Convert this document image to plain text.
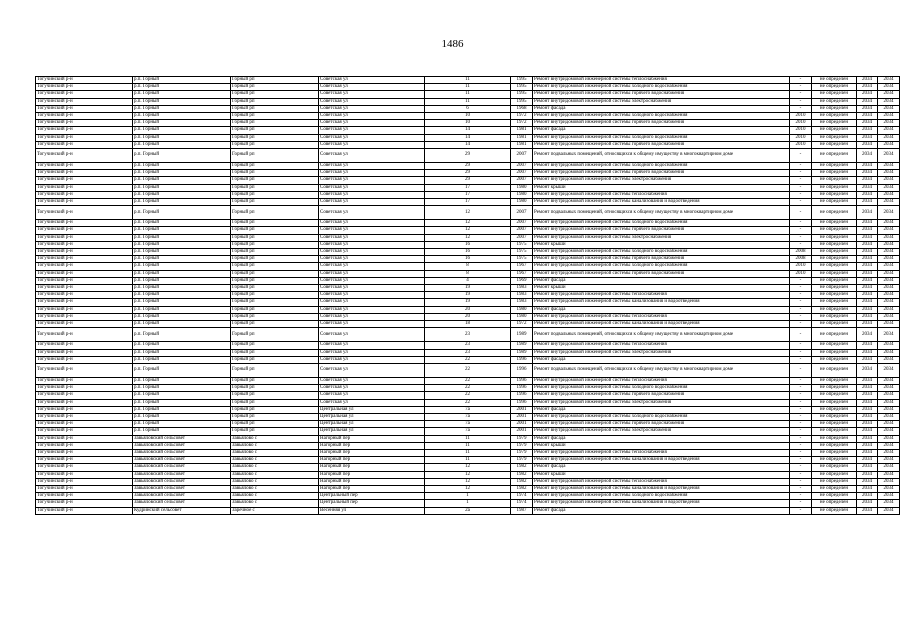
1486
Тогучинский р-н	р.п. Горный	Горный рп	Советская ул	11	1995	Ремонт внутридомовой инженерной системы теплоснабжения	-	не определен	2034	2034
Тогучинский р-н	р.п. Горный	Горный рп	Советская ул	11	1995	Ремонт внутридомовой инженерной системы холодного водоснабжения	-	не определен	2034	2034
Тогучинский р-н	р.п. Горный	Горный рп	Советская ул	11	1995	Ремонт внутридомовой инженерной системы горячего водоснабжения	-	не определен	2034	2034
Тогучинский р-н	р.п. Горный	Горный рп	Советская ул	11	1995	Ремонт внутридомовой инженерной системы электроснабжения	-	не определен	2034	2034
Тогучинский р-н	р.п. Горный	Горный рп	Советская ул	6	1968	Ремонт фасада	-	не определен	2034	2034
Тогучинский р-н	р.п. Горный	Горный рп	Советская ул	10	1972	Ремонт внутридомовой инженерной системы холодного водоснабжения	2010	не определен	2034	2034
Тогучинский р-н	р.п. Горный	Горный рп	Советская ул	10	1972	Ремонт внутридомовой инженерной системы горячего водоснабжения	2010	не определен	2034	2034
Тогучинский р-н	р.п. Горный	Горный рп	Советская ул	14	1981	Ремонт фасада	2010	не определен	2034	2034
Тогучинский р-н	р.п. Горный	Горный рп	Советская ул	14	1981	Ремонт внутридомовой инженерной системы холодного водоснабжения	2010	не определен	2034	2034
Тогучинский р-н	р.п. Горный	Горный рп	Советская ул	14	1981	Ремонт внутридомовой инженерной системы горячего водоснабжения	2010	не определен	2034	2034
Тогучинский р-н	р.п. Горный	Горный рп	Советская ул	29	2007	Ремонт подвальных помещений, относящихся к общему имуществу в многоквартирном доме	-	не определен	2034	2034
Тогучинский р-н	р.п. Горный	Горный рп	Советская ул	29	2007	Ремонт внутридомовой инженерной системы холодного водоснабжения	-	не определен	2034	2034
Тогучинский р-н	р.п. Горный	Горный рп	Советская ул	29	2007	Ремонт внутридомовой инженерной системы горячего водоснабжения	-	не определен	2034	2034
Тогучинский р-н	р.п. Горный	Горный рп	Советская ул	29	2007	Ремонт внутридомовой инженерной системы электроснабжения	-	не определен	2034	2034
Тогучинский р-н	р.п. Горный	Горный рп	Советская ул	17	1980	Ремонт крыши	-	не определен	2034	2034
Тогучинский р-н	р.п. Горный	Горный рп	Советская ул	17	1980	Ремонт внутридомовой инженерной системы теплоснабжения	-	не определен	2034	2034
Тогучинский р-н	р.п. Горный	Горный рп	Советская ул	17	1980	Ремонт внутридомовой инженерной системы канализования и водоотведения	-	не определен	2034	2034
Тогучинский р-н	р.п. Горный	Горный рп	Советская ул	12	2007	Ремонт подвальных помещений, относящихся к общему имуществу в многоквартирном доме	-	не определен	2034	2034
Тогучинский р-н	р.п. Горный	Горный рп	Советская ул	12	2007	Ремонт внутридомовой инженерной системы холодного водоснабжения	-	не определен	2034	2034
Тогучинский р-н	р.п. Горный	Горный рп	Советская ул	12	2007	Ремонт внутридомовой инженерной системы горячего водоснабжения	-	не определен	2034	2034
Тогучинский р-н	р.п. Горный	Горный рп	Советская ул	12	2007	Ремонт внутридомовой инженерной системы электроснабжения	-	не определен	2034	2034
Тогучинский р-н	р.п. Горный	Горный рп	Советская ул	16	1975	Ремонт крыши	-	не определен	2034	2034
Тогучинский р-н	р.п. Горный	Горный рп	Советская ул	16	1975	Ремонт внутридомовой инженерной системы холодного водоснабжения	2008	не определен	2034	2034
Тогучинский р-н	р.п. Горный	Горный рп	Советская ул	16	1975	Ремонт внутридомовой инженерной системы горячего водоснабжения	2008	не определен	2034	2034
Тогучинский р-н	р.п. Горный	Горный рп	Советская ул	8	1967	Ремонт внутридомовой инженерной системы холодного водоснабжения	2010	не определен	2034	2034
Тогучинский р-н	р.п. Горный	Горный рп	Советская ул	8	1967	Ремонт внутридомовой инженерной системы горячего водоснабжения	2010	не определен	2034	2034
Тогучинский р-н	р.п. Горный	Горный рп	Советская ул	4	1969	Ремонт фасада	-	не определен	2034	2034
Тогучинский р-н	р.п. Горный	Горный рп	Советская ул	19	1983	Ремонт крыши	-	не определен	2034	2034
Тогучинский р-н	р.п. Горный	Горный рп	Советская ул	19	1983	Ремонт внутридомовой инженерной системы теплоснабжения	-	не определен	2034	2034
Тогучинский р-н	р.п. Горный	Горный рп	Советская ул	19	1983	Ремонт внутридомовой инженерной системы канализования и водоотведения	-	не определен	2034	2034
Тогучинский р-н	р.п. Горный	Горный рп	Советская ул	20	1980	Ремонт фасада	-	не определен	2034	2034
Тогучинский р-н	р.п. Горный	Горный рп	Советская ул	20	1980	Ремонт внутридомовой инженерной системы теплоснабжения	-	не определен	2034	2034
Тогучинский р-н	р.п. Горный	Горный рп	Советская ул	18	1972	Ремонт внутридомовой инженерной системы канализования и водоотведения	-	не определен	2034	2034
Тогучинский р-н	р.п. Горный	Горный рп	Советская ул	23	1989	Ремонт подвальных помещений, относящихся к общему имуществу в многоквартирном доме	-	не определен	2034	2034
Тогучинский р-н	р.п. Горный	Горный рп	Советская ул	23	1989	Ремонт внутридомовой инженерной системы теплоснабжения	-	не определен	2034	2034
Тогучинский р-н	р.п. Горный	Горный рп	Советская ул	23	1989	Ремонт внутридомовой инженерной системы электроснабжения	-	не определен	2034	2034
Тогучинский р-н	р.п. Горный	Горный рп	Советская ул	22	1996	Ремонт фасада	-	не определен	2034	2034
Тогучинский р-н	р.п. Горный	Горный рп	Советская ул	22	1996	Ремонт подвальных помещений, относящихся к общему имуществу в многоквартирном доме	-	не определен	2034	2034
Тогучинский р-н	р.п. Горный	Горный рп	Советская ул	22	1996	Ремонт внутридомовой инженерной системы теплоснабжения	-	не определен	2034	2034
Тогучинский р-н	р.п. Горный	Горный рп	Советская ул	22	1996	Ремонт внутридомовой инженерной системы холодного водоснабжения	-	не определен	2034	2034
Тогучинский р-н	р.п. Горный	Горный рп	Советская ул	22	1996	Ремонт внутридомовой инженерной системы горячего водоснабжения	-	не определен	2034	2034
Тогучинский р-н	р.п. Горный	Горный рп	Советская ул	22	1996	Ремонт внутридомовой инженерной системы электроснабжения	-	не определен	2034	2034
Тогучинский р-н	р.п. Горный	Горный рп	Центральная ул	7а	2001	Ремонт фасада	-	не определен	2034	2034
Тогучинский р-н	р.п. Горный	Горный рп	Центральная ул	7а	2001	Ремонт внутридомовой инженерной системы холодного водоснабжения	-	не определен	2034	2034
Тогучинский р-н	р.п. Горный	Горный рп	Центральная ул	7а	2001	Ремонт внутридомовой инженерной системы горячего водоснабжения	-	не определен	2034	2034
Тогучинский р-н	р.п. Горный	Горный рп	Центральная ул	7а	2001	Ремонт внутридомовой инженерной системы электроснабжения	-	не определен	2034	2034
Тогучинский р-н	Завьяловский сельсовет	Завьялово с	Нагорный пер	11	1979	Ремонт фасада	-	не определен	2034	2034
Тогучинский р-н	Завьяловский сельсовет	Завьялово с	Нагорный пер	11	1979	Ремонт крыши	-	не определен	2034	2034
Тогучинский р-н	Завьяловский сельсовет	Завьялово с	Нагорный пер	11	1979	Ремонт внутридомовой инженерной системы теплоснабжения	-	не определен	2034	2034
Тогучинский р-н	Завьяловский сельсовет	Завьялово с	Нагорный пер	11	1979	Ремонт внутридомовой инженерной системы канализования и водоотведения	-	не определен	2034	2034
Тогучинский р-н	Завьяловский сельсовет	Завьялово с	Нагорный пер	12	1982	Ремонт фасада	-	не определен	2034	2034
Тогучинский р-н	Завьяловский сельсовет	Завьялово с	Нагорный пер	12	1982	Ремонт крыши	-	не определен	2034	2034
Тогучинский р-н	Завьяловский сельсовет	Завьялово с	Нагорный пер	12	1982	Ремонт внутридомовой инженерной системы теплоснабжения	-	не определен	2034	2034
Тогучинский р-н	Завьяловский сельсовет	Завьялово с	Нагорный пер	12	1982	Ремонт внутридомовой инженерной системы канализования и водоотведения	-	не определен	2034	2034
Тогучинский р-н	Завьяловский сельсовет	Завьялово с	Центральный пер	1	1974	Ремонт внутридомовой инженерной системы холодного водоснабжения	-	не определен	2034	2034
Тогучинский р-н	Завьяловский сельсовет	Завьялово с	Центральный пер	1	1974	Ремонт внутридомовой инженерной системы канализования и водоотведения	-	не определен	2034	2034
Тогучинский р-н	Кудринский сельсовет	Заречное с	Весенняя ул	2а	1987	Ремонт фасада	-	не определен	2034	2034
